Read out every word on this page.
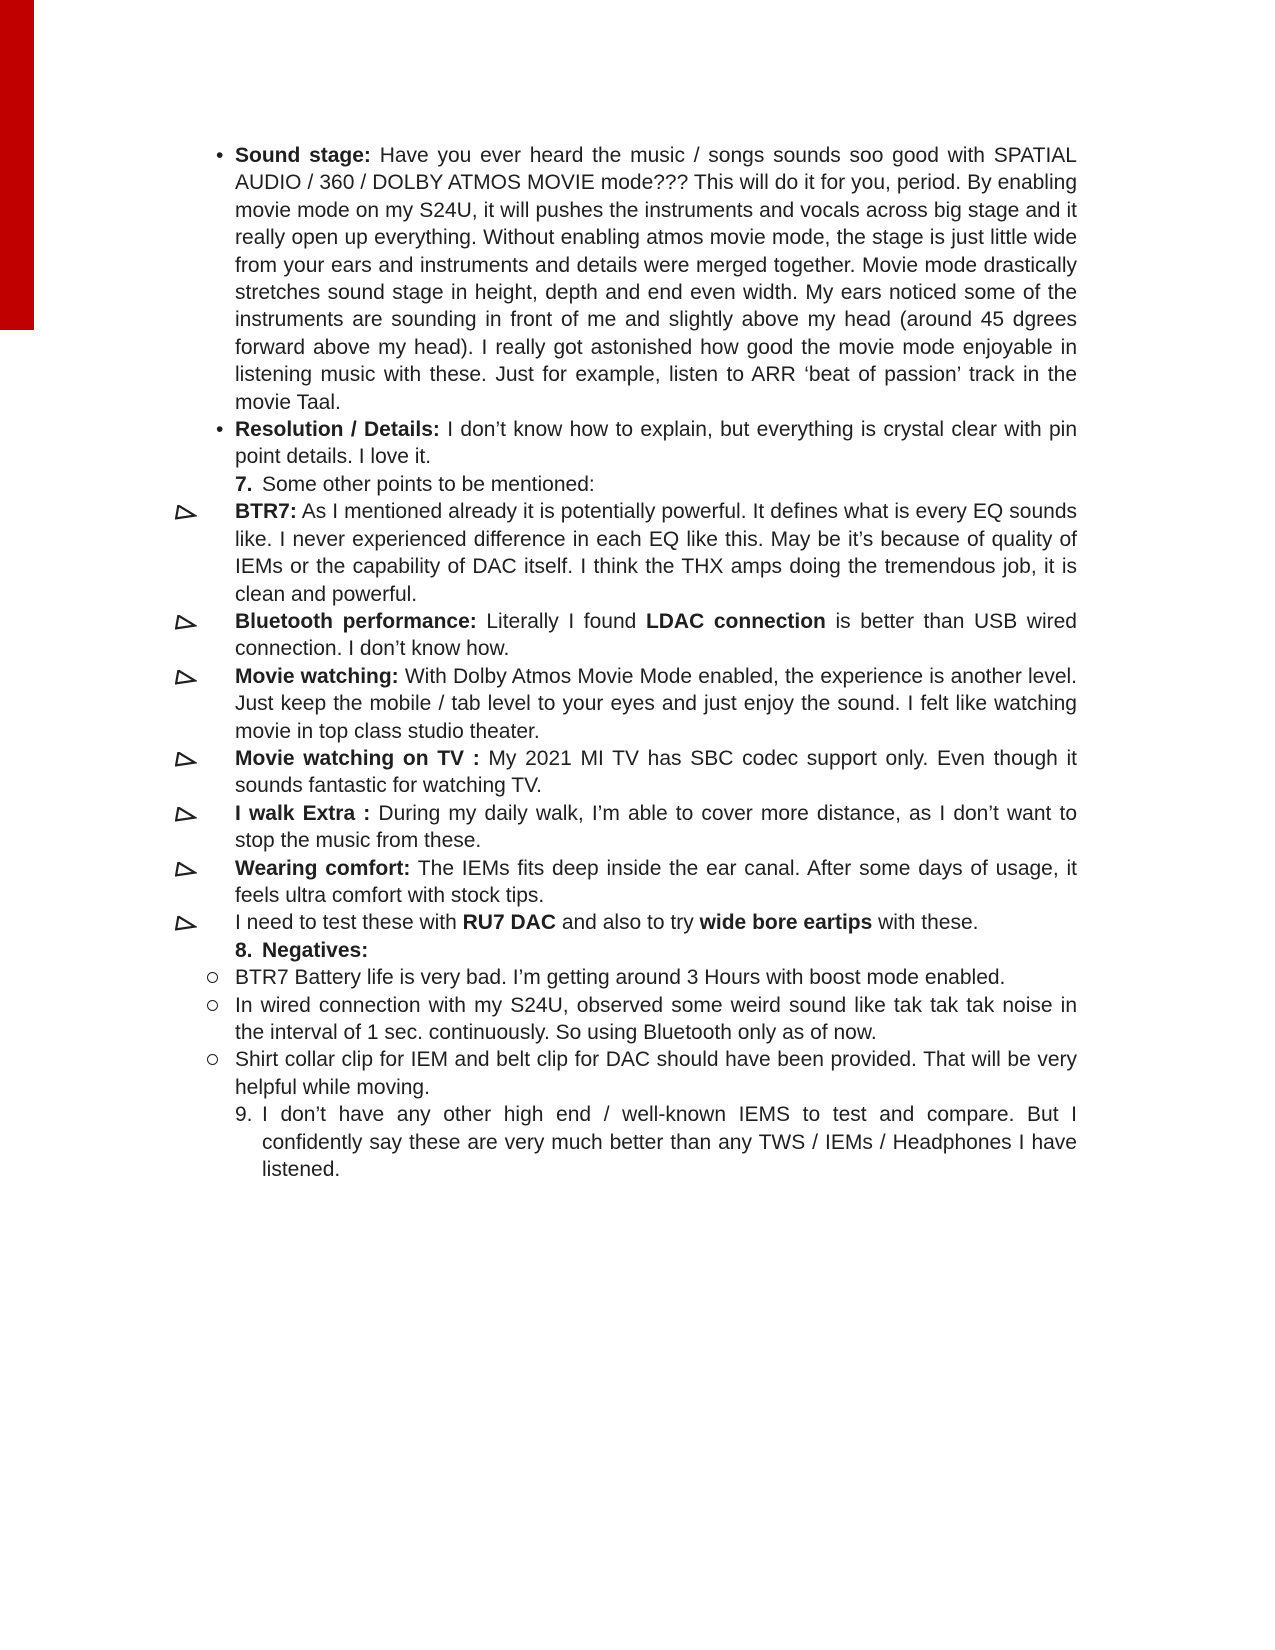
• Sound stage: Have you ever heard the music / songs sounds soo good with SPATIAL AUDIO / 360 / DOLBY ATMOS MOVIE mode??? This will do it for you, period. By enabling movie mode on my S24U, it will pushes the instruments and vocals across big stage and it really open up everything. Without enabling atmos movie mode, the stage is just little wide from your ears and instruments and details were merged together. Movie mode drastically stretches sound stage in height, depth and end even width. My ears noticed some of the instruments are sounding in front of me and slightly above my head (around 45 dgrees forward above my head). I really got astonished how good the movie mode enjoyable in listening music with these. Just for example, listen to ARR ‘beat of passion’ track in the movie Taal.

• Resolution / Details: I don’t know how to explain, but everything is crystal clear with pin point details. I love it.

7. Some other points to be mentioned:

BTR7: As I mentioned already it is potentially powerful. It defines what is every EQ sounds like. I never experienced difference in each EQ like this. May be it’s because of quality of IEMs or the capability of DAC itself. I think the THX amps doing the tremendous job, it is clean and powerful.

Bluetooth performance: Literally I found LDAC connection is better than USB wired connection. I don’t know how.

Movie watching: With Dolby Atmos Movie Mode enabled, the experience is another level. Just keep the mobile / tab level to your eyes and just enjoy the sound. I felt like watching movie in top class studio theater.

Movie watching on TV : My 2021 MI TV has SBC codec support only. Even though it sounds fantastic for watching TV.

I walk Extra : During my daily walk, I’m able to cover more distance, as I don’t want to stop the music from these.

Wearing comfort: The IEMs fits deep inside the ear canal. After some days of usage, it feels ultra comfort with stock tips.

I need to test these with RU7 DAC and also to try wide bore eartips with these.

8. Negatives:

BTR7 Battery life is very bad. I’m getting around 3 Hours with boost mode enabled.

In wired connection with my S24U, observed some weird sound like tak tak tak noise in the interval of 1 sec. continuously. So using Bluetooth only as of now.

Shirt collar clip for IEM and belt clip for DAC should have been provided. That will be very helpful while moving.

9. I don’t have any other high end / well-known IEMS to test and compare. But I confidently say these are very much better than any TWS / IEMs / Headphones I have listened.
